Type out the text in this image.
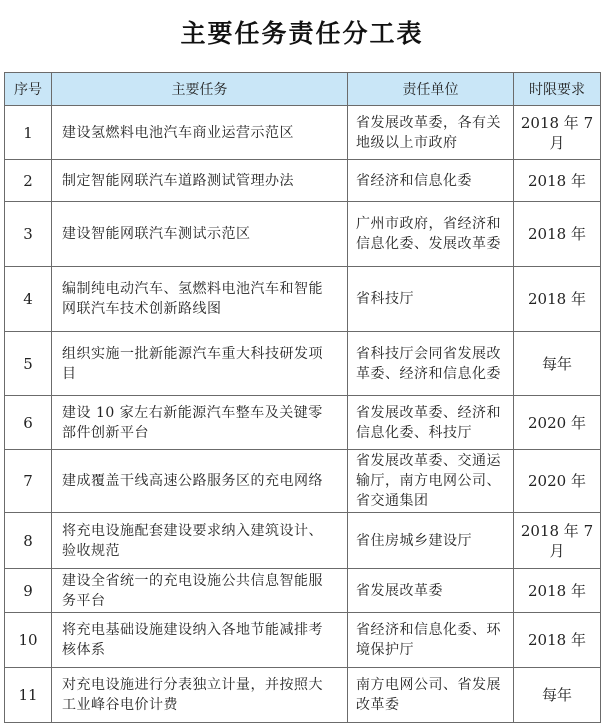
主要任务责任分工表
序号	主要任务	责任单位	时限要求
1	建设氢燃料电池汽车商业运营示范区	省发展改革委，各有关地级以上市政府	2018 年 7 月
2	制定智能网联汽车道路测试管理办法	省经济和信息化委	2018 年
3	建设智能网联汽车测试示范区	广州市政府，省经济和信息化委、发展改革委	2018 年
4	编制纯电动汽车、氢燃料电池汽车和智能网联汽车技术创新路线图	省科技厅	2018 年
5	组织实施一批新能源汽车重大科技研发项目	省科技厅会同省发展改革委、经济和信息化委	每年
6	建设 10 家左右新能源汽车整车及关键零部件创新平台	省发展改革委、经济和信息化委、科技厅	2020 年
7	建成覆盖干线高速公路服务区的充电网络	省发展改革委、交通运输厅，南方电网公司、省交通集团	2020 年
8	将充电设施配套建设要求纳入建筑设计、验收规范	省住房城乡建设厅	2018 年 7 月
9	建设全省统一的充电设施公共信息智能服务平台	省发展改革委	2018 年
10	将充电基础设施建设纳入各地节能减排考核体系	省经济和信息化委、环境保护厅	2018 年
11	对充电设施进行分表独立计量，并按照大工业峰谷电价计费	南方电网公司、省发展改革委	每年
